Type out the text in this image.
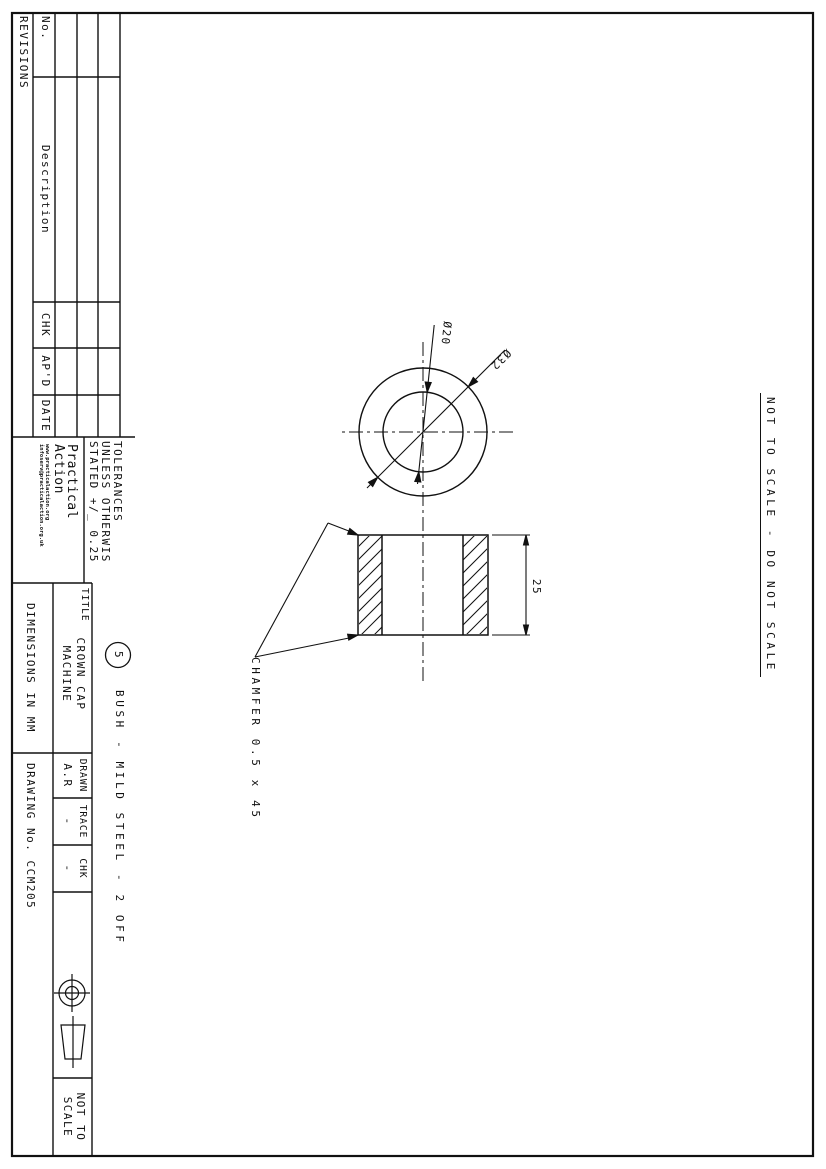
NOT TO SCALE - DO NOT SCALE
REVISIONS No.
Description
CHK
AP'D
DATE
TOLERANCES
UNLESS OTHERWIS
STATED +/_ 0.25
Practical
Action
www.practicalaction.org
infoserv@practicalaction.org.uk
TITLE
CROWN CAP
MACHINE
DIMENSIONS IN MM
DRAWN
A.R
TRACE
-
CHK
-
NOT TO
SCALE
DRAWING No. CCM205
5
BUSH - MILD STEEL - 2 OFF
Ø20
Ø32
25
CHAMFER 0.5 x 45
